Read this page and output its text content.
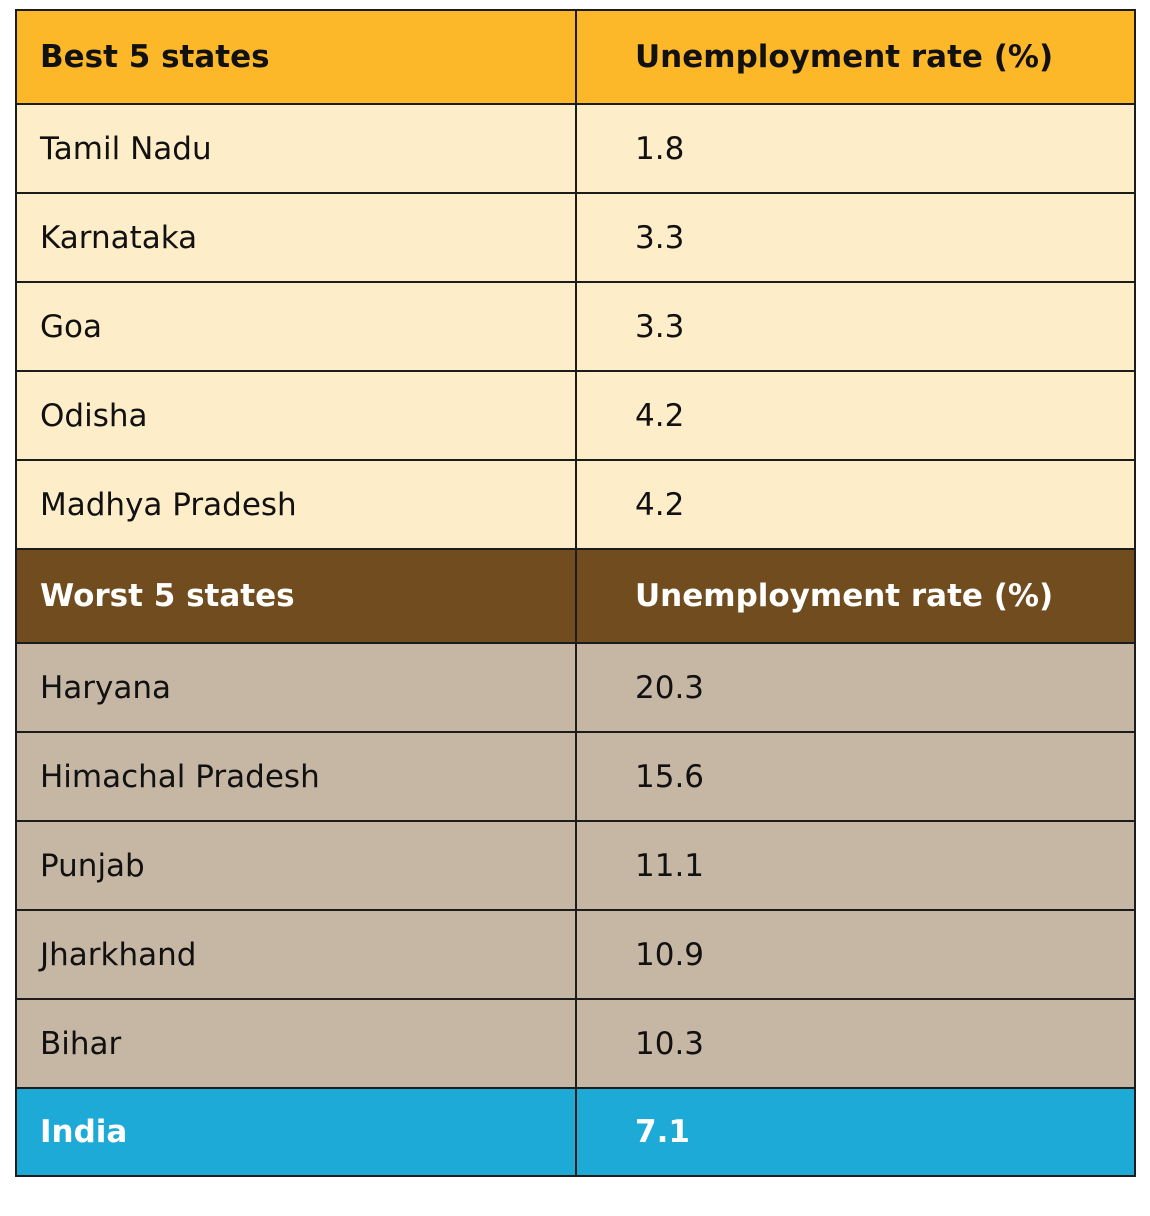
Best 5 states	Unemployment rate (%)
Tamil Nadu	1.8
Karnataka	3.3
Goa	3.3
Odisha	4.2
Madhya Pradesh	4.2
Worst 5 states	Unemployment rate (%)
Haryana	20.3
Himachal Pradesh	15.6
Punjab	11.1
Jharkhand	10.9
Bihar	10.3
India	7.1
